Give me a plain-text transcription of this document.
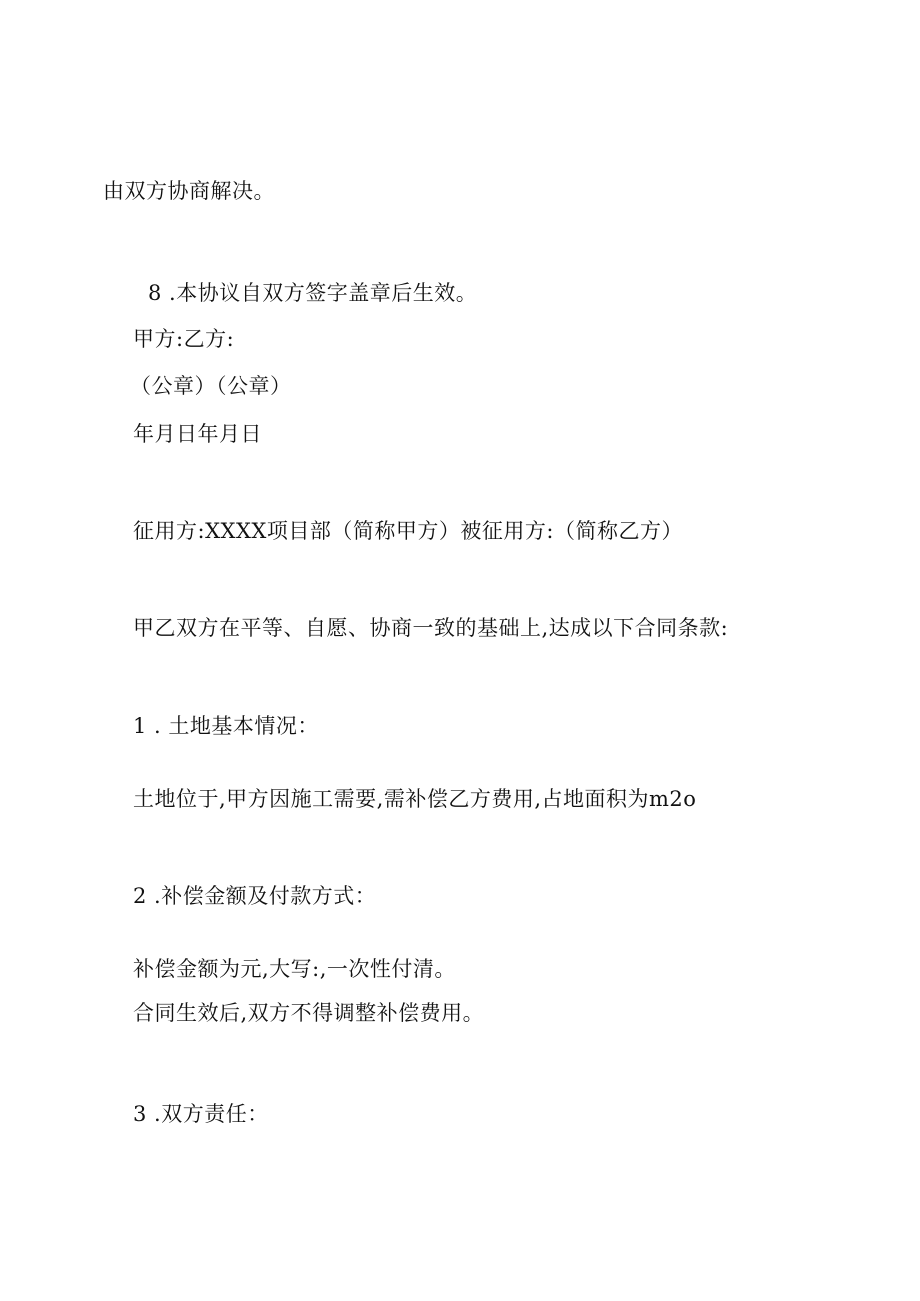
由双方协商解决。
8 .本协议自双方签字盖章后生效。
甲方:乙方:
（公章）（公章）
年月日年月日
征用方:XXXX项目部（简称甲方）被征用方:（简称乙方）
甲乙双方在平等、自愿、协商一致的基础上,达成以下合同条款:
1 . 土地基本情况：
土地位于,甲方因施工需要,需补偿乙方费用,占地面积为m2o
2 .补偿金额及付款方式：
补偿金额为元,大写:,一次性付清。
合同生效后,双方不得调整补偿费用。
3 .双方责任：
